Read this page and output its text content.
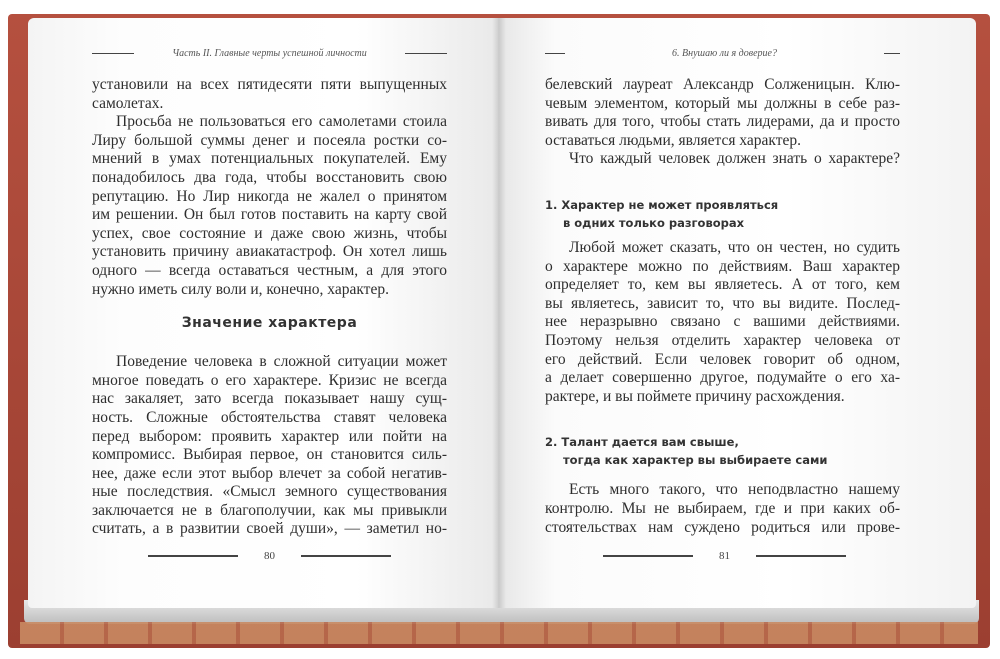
Часть II. Главные черты успешной личности
установили на всех пятидесяти пяти выпущенных
самолетах.
Просьба не пользоваться его самолетами стоила
Лиру большой суммы денег и посеяла ростки со-
мнений в умах потенциальных покупателей. Ему
понадобилось два года, чтобы восстановить свою
репутацию. Но Лир никогда не жалел о принятом
им решении. Он был готов поставить на карту свой
успех, свое состояние и даже свою жизнь, чтобы
установить причину авиакатастроф. Он хотел лишь
одного — всегда оставаться честным, а для этого
нужно иметь силу воли и, конечно, характер.
Значение характера
Поведение человека в сложной ситуации может
многое поведать о его характере. Кризис не всегда
нас закаляет, зато всегда показывает нашу сущ-
ность. Сложные обстоятельства ставят человека
перед выбором: проявить характер или пойти на
компромисс. Выбирая первое, он становится силь-
нее, даже если этот выбор влечет за собой негатив-
ные последствия. «Смысл земного существования
заключается не в благополучии, как мы привыкли
считать, а в развитии своей души», — заметил но-
80
6. Внушаю ли я доверие?
белевский лауреат Александр Солженицын. Клю-
чевым элементом, который мы должны в себе раз-
вивать для того, чтобы стать лидерами, да и просто
оставаться людьми, является характер.
Что каждый человек должен знать о характере?
1. Характер не может проявляться
в одних только разговорах
Любой может сказать, что он честен, но судить
о характере можно по действиям. Ваш характер
определяет то, кем вы являетесь. А от того, кем
вы являетесь, зависит то, что вы видите. Послед-
нее неразрывно связано с вашими действиями.
Поэтому нельзя отделить характер человека от
его действий. Если человек говорит об одном,
а делает совершенно другое, подумайте о его ха-
рактере, и вы поймете причину расхождения.
2. Талант дается вам свыше,
тогда как характер вы выбираете сами
Есть много такого, что неподвластно нашему
контролю. Мы не выбираем, где и при каких об-
стоятельствах нам суждено родиться или прове-
81
